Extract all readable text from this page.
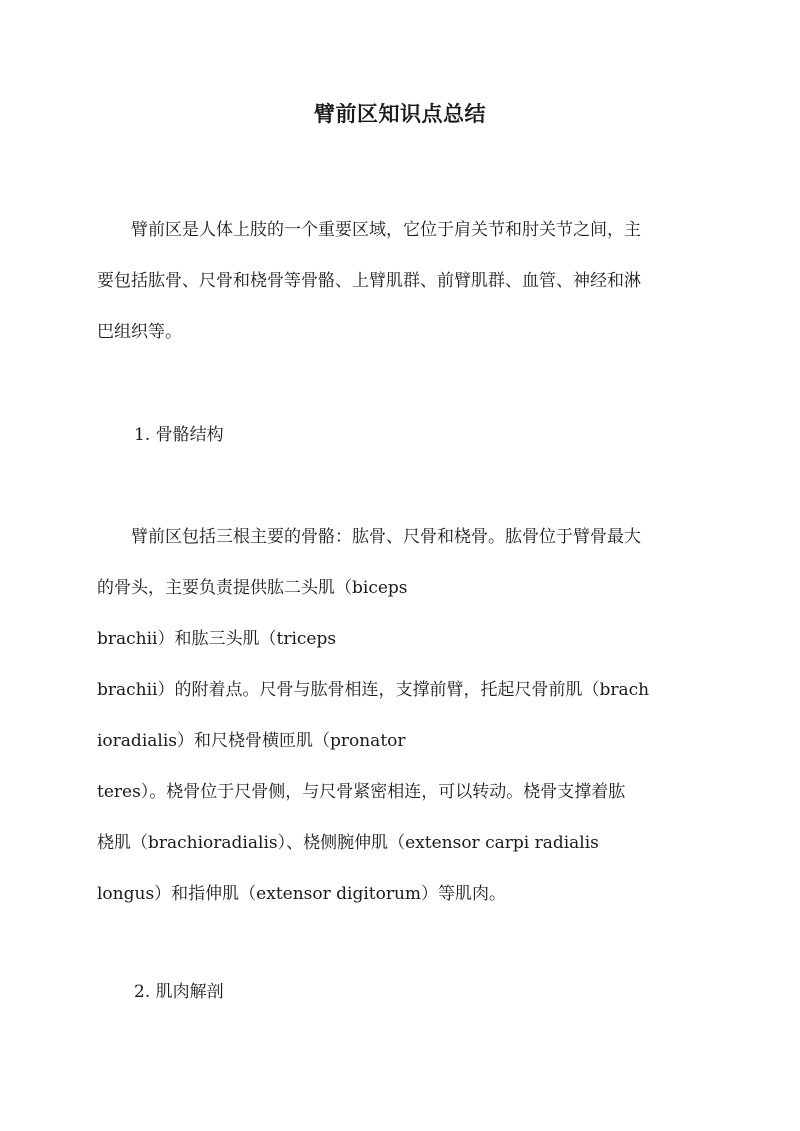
臂前区知识点总结
　　臂前区是人体上肢的一个重要区域，它位于肩关节和肘关节之间，主
要包括肱骨、尺骨和桡骨等骨骼、上臂肌群、前臂肌群、血管、神经和淋
巴组织等。
1. 骨骼结构
　　臂前区包括三根主要的骨骼：肱骨、尺骨和桡骨。肱骨位于臂骨最大
的骨头，主要负责提供肱二头肌（biceps
brachii）和肱三头肌（triceps
brachii）的附着点。尺骨与肱骨相连，支撑前臂，托起尺骨前肌（brach
ioradialis）和尺桡骨横匝肌（pronator
teres）。桡骨位于尺骨侧，与尺骨紧密相连，可以转动。桡骨支撑着肱
桡肌（brachioradialis）、桡侧腕伸肌（extensor carpi radialis
longus）和指伸肌（extensor digitorum）等肌肉。
2. 肌肉解剖
